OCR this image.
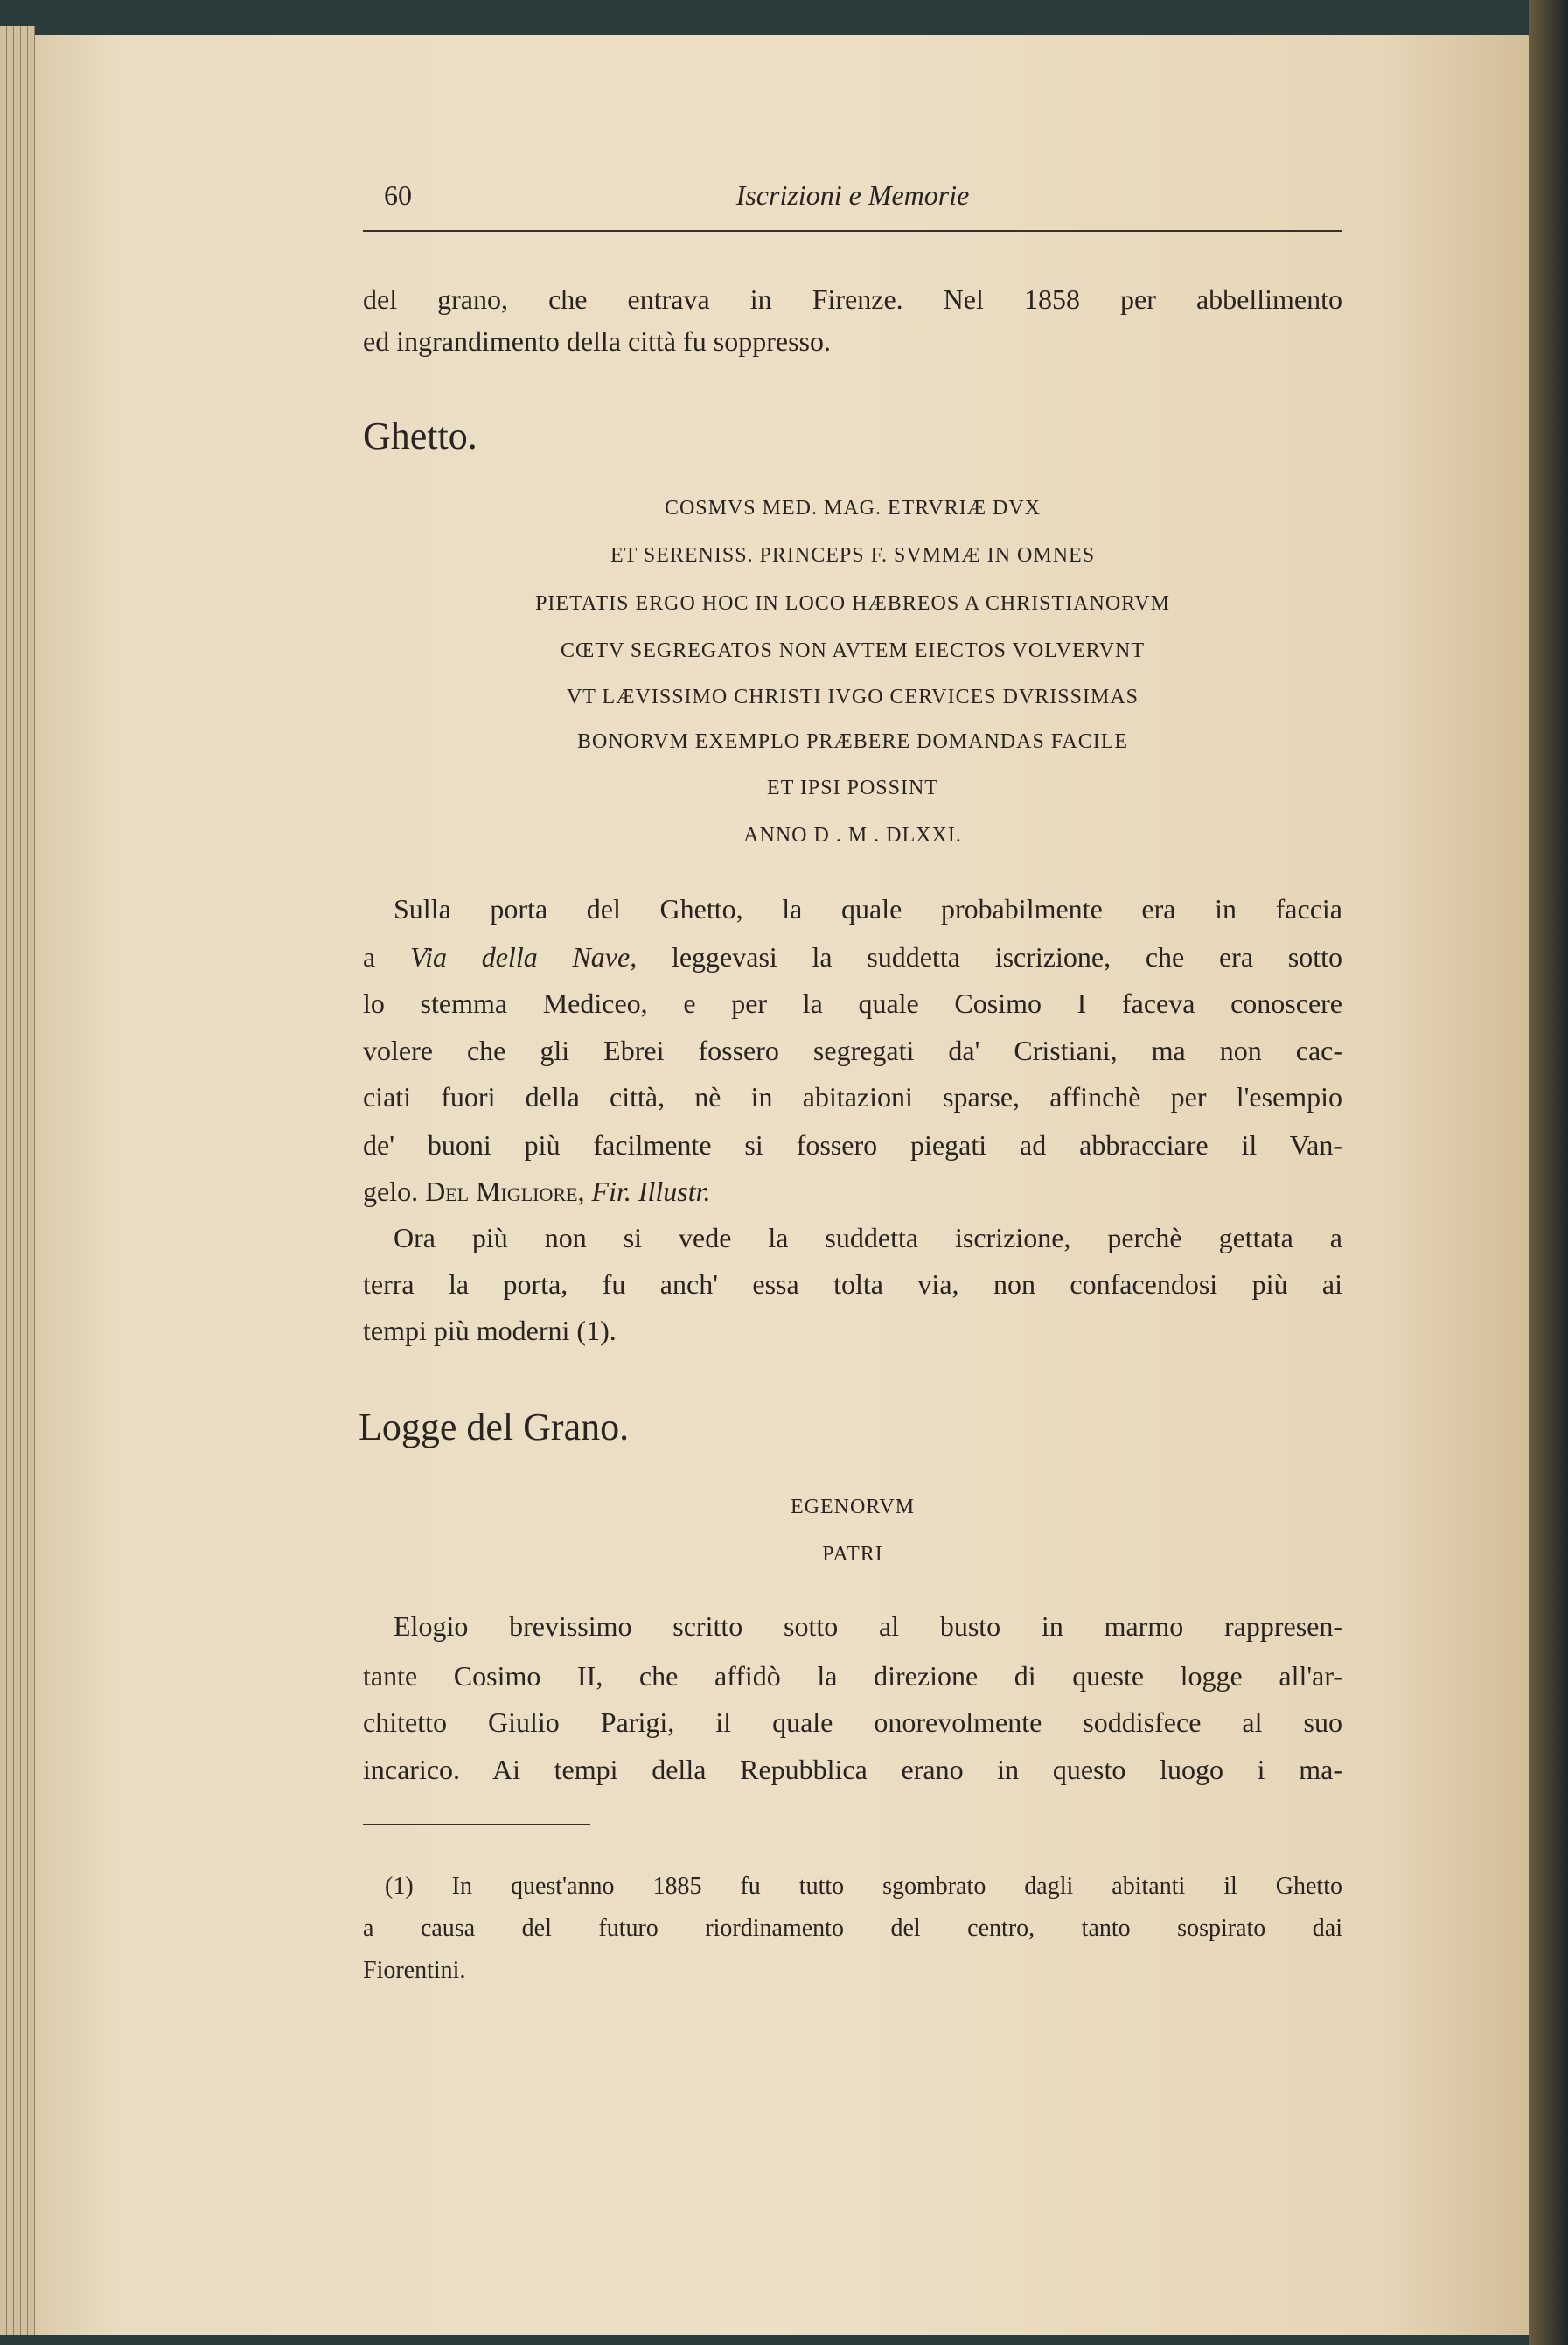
60	Iscrizioni e Memorie
del grano, che entrava in Firenze. Nel 1858 per abbellimento
ed ingrandimento della città fu soppresso.
Ghetto.
COSMVS MED. MAG. ETRVRIÆ DVX
ET SERENISS. PRINCEPS F. SVMMÆ IN OMNES
PIETATIS ERGO HOC IN LOCO HÆBREOS A CHRISTIANORVM
CŒTV SEGREGATOS NON AVTEM EIECTOS VOLVERVNT
VT LÆVISSIMO CHRISTI IVGO CERVICES DVRISSIMAS
BONORVM EXEMPLO PRÆBERE DOMANDAS FACILE
ET IPSI POSSINT
ANNO D . M . DLXXI.
Sulla porta del Ghetto, la quale probabilmente era in faccia
a Via della Nave, leggevasi la suddetta iscrizione, che era sotto
lo stemma Mediceo, e per la quale Cosimo I faceva conoscere
volere che gli Ebrei fossero segregati da' Cristiani, ma non cac-
ciati fuori della città, nè in abitazioni sparse, affinchè per l'esempio
de' buoni più facilmente si fossero piegati ad abbracciare il Van-
gelo. Del Migliore, Fir. Illustr.
Ora più non si vede la suddetta iscrizione, perchè gettata a
terra la porta, fu anch' essa tolta via, non confacendosi più ai
tempi più moderni (1).
Logge del Grano.
EGENORVM
PATRI
Elogio brevissimo scritto sotto al busto in marmo rappresen-
tante Cosimo II, che affidò la direzione di queste logge all'ar-
chitetto Giulio Parigi, il quale onorevolmente soddisfece al suo
incarico. Ai tempi della Repubblica erano in questo luogo i ma-
(1) In quest'anno 1885 fu tutto sgombrato dagli abitanti il Ghetto
a causa del futuro riordinamento del centro, tanto sospirato dai
Fiorentini.
